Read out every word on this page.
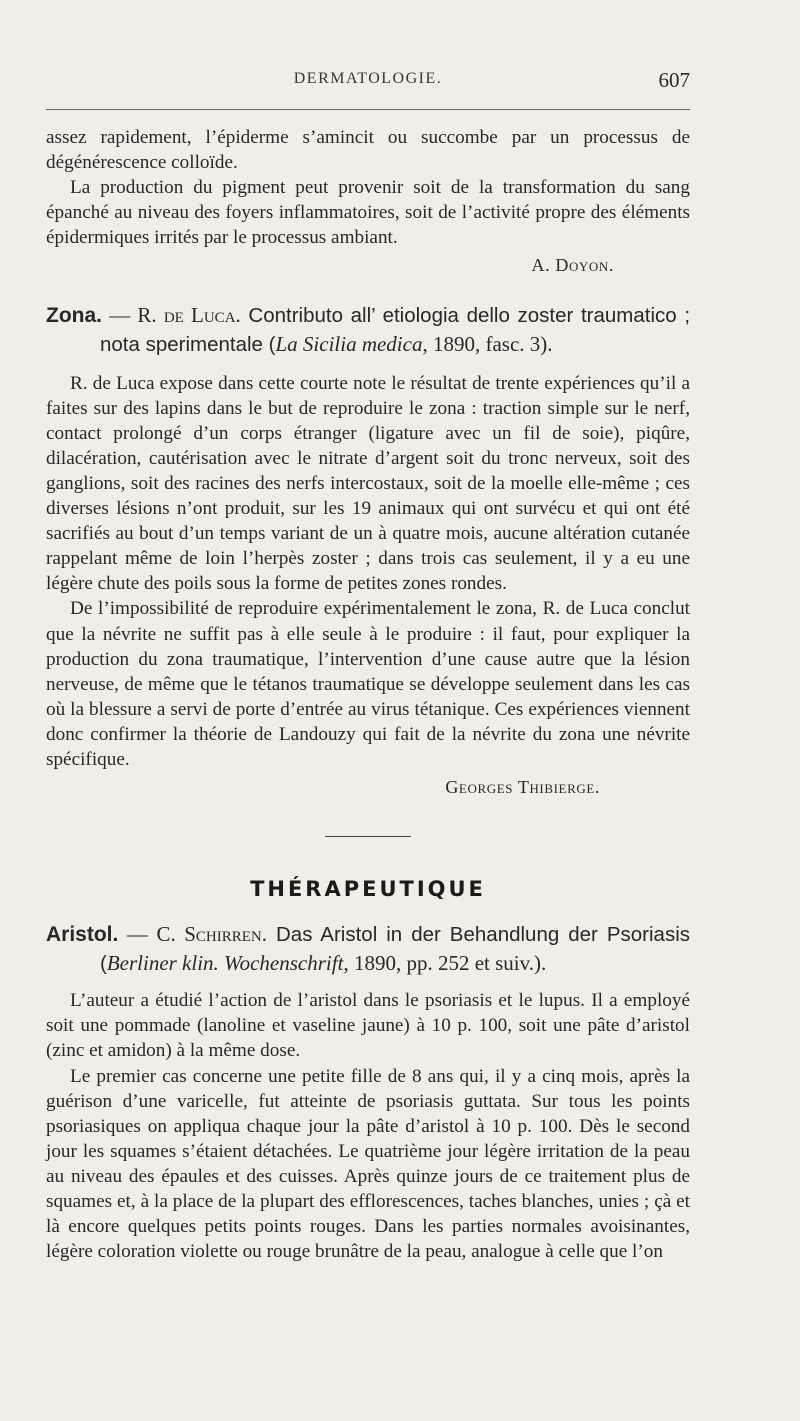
DERMATOLOGIE.	607

assez rapidement, l’épiderme s’amincit ou succombe par un processus de dégénérescence colloïde.

La production du pigment peut provenir soit de la transformation du sang épanché au niveau des foyers inflammatoires, soit de l’activité propre des éléments épidermiques irrités par le processus ambiant.

A. Doyon.

Zona. — R. de Luca. Contributo all’ etiologia dello zoster traumatico ; nota sperimentale (La Sicilia medica, 1890, fasc. 3).

R. de Luca expose dans cette courte note le résultat de trente expériences qu’il a faites sur des lapins dans le but de reproduire le zona : traction simple sur le nerf, contact prolongé d’un corps étranger (ligature avec un fil de soie), piqûre, dilacération, cautérisation avec le nitrate d’argent soit du tronc nerveux, soit des ganglions, soit des racines des nerfs intercostaux, soit de la moelle elle-même ; ces diverses lésions n’ont produit, sur les 19 animaux qui ont survécu et qui ont été sacrifiés au bout d’un temps variant de un à quatre mois, aucune altération cutanée rappelant même de loin l’herpès zoster ; dans trois cas seulement, il y a eu une légère chute des poils sous la forme de petites zones rondes.

De l’impossibilité de reproduire expérimentalement le zona, R. de Luca conclut que la névrite ne suffit pas à elle seule à le produire : il faut, pour expliquer la production du zona traumatique, l’intervention d’une cause autre que la lésion nerveuse, de même que le tétanos traumatique se développe seulement dans les cas où la blessure a servi de porte d’entrée au virus tétanique. Ces expériences viennent donc confirmer la théorie de Landouzy qui fait de la névrite du zona une névrite spécifique.

Georges Thibierge.

THÉRAPEUTIQUE

Aristol. — C. Schirren. Das Aristol in der Behandlung der Psoriasis (Berliner klin. Wochenschrift, 1890, pp. 252 et suiv.).

L’auteur a étudié l’action de l’aristol dans le psoriasis et le lupus. Il a employé soit une pommade (lanoline et vaseline jaune) à 10 p. 100, soit une pâte d’aristol (zinc et amidon) à la même dose.

Le premier cas concerne une petite fille de 8 ans qui, il y a cinq mois, après la guérison d’une varicelle, fut atteinte de psoriasis guttata. Sur tous les points psoriasiques on appliqua chaque jour la pâte d’aristol à 10 p. 100. Dès le second jour les squames s’étaient détachées. Le quatrième jour légère irritation de la peau au niveau des épaules et des cuisses. Après quinze jours de ce traitement plus de squames et, à la place de la plupart des efflorescences, taches blanches, unies ; çà et là encore quelques petits points rouges. Dans les parties normales avoisinantes, légère coloration violette ou rouge brunâtre de la peau, analogue à celle que l’on
